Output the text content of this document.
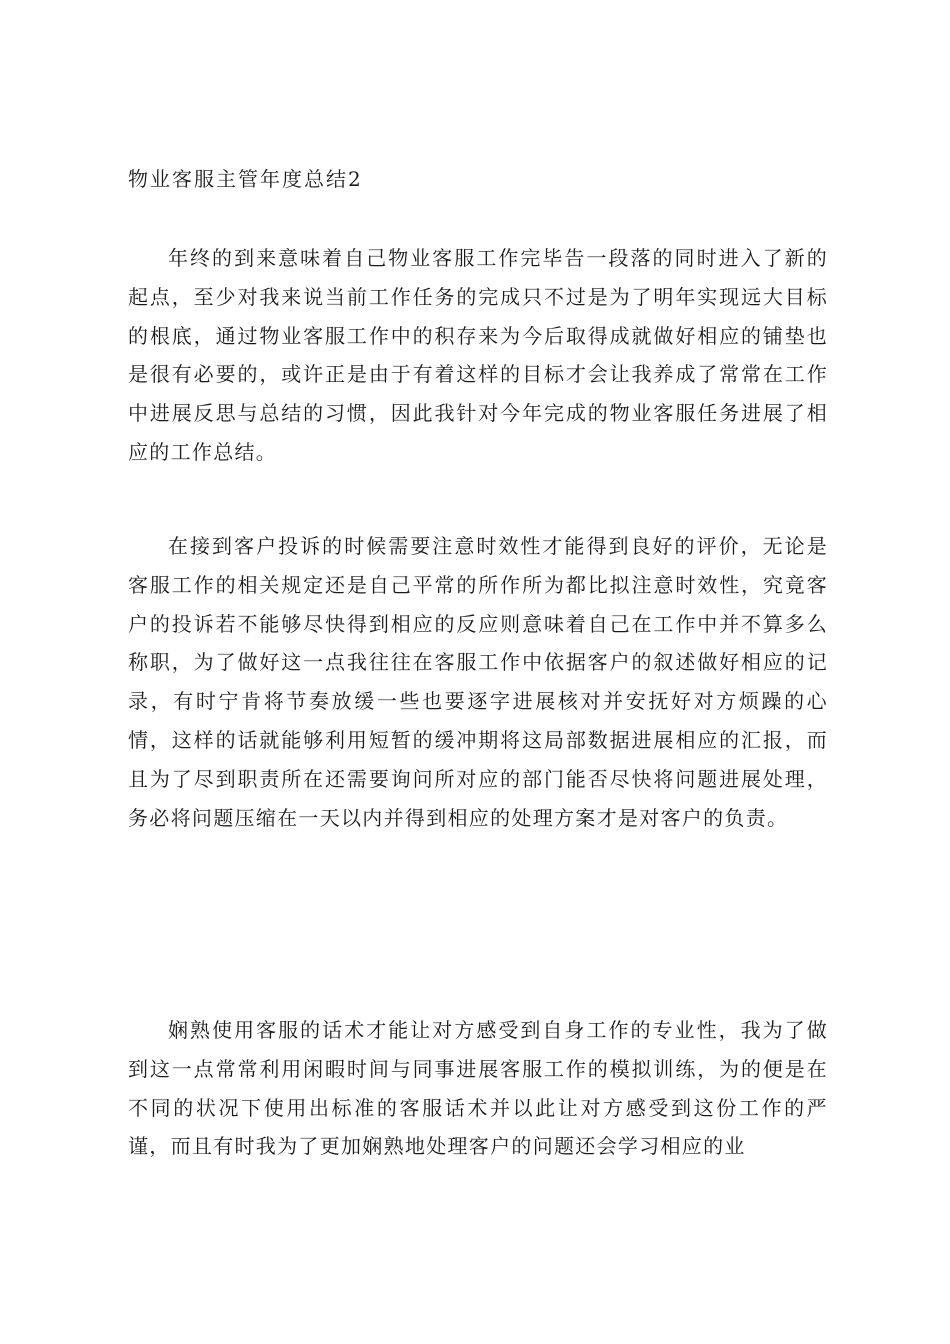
物业客服主管年度总结2

年终的到来意味着自己物业客服工作完毕告一段落的同时进入了新的起点，至少对我来说当前工作任务的完成只不过是为了明年实现远大目标的根底，通过物业客服工作中的积存来为今后取得成就做好相应的铺垫也是很有必要的，或许正是由于有着这样的目标才会让我养成了常常在工作中进展反思与总结的习惯，因此我针对今年完成的物业客服任务进展了相应的工作总结。

在接到客户投诉的时候需要注意时效性才能得到良好的评价，无论是客服工作的相关规定还是自己平常的所作所为都比拟注意时效性，究竟客户的投诉若不能够尽快得到相应的反应则意味着自己在工作中并不算多么称职，为了做好这一点我往往在客服工作中依据客户的叙述做好相应的记录，有时宁肯将节奏放缓一些也要逐字进展核对并安抚好对方烦躁的心情，这样的话就能够利用短暂的缓冲期将这局部数据进展相应的汇报，而且为了尽到职责所在还需要询问所对应的部门能否尽快将问题进展处理，务必将问题压缩在一天以内并得到相应的处理方案才是对客户的负责。

娴熟使用客服的话术才能让对方感受到自身工作的专业性，我为了做到这一点常常利用闲暇时间与同事进展客服工作的模拟训练，为的便是在不同的状况下使用出标准的客服话术并以此让对方感受到这份工作的严谨，而且有时我为了更加娴熟地处理客户的问题还会学习相应的业
